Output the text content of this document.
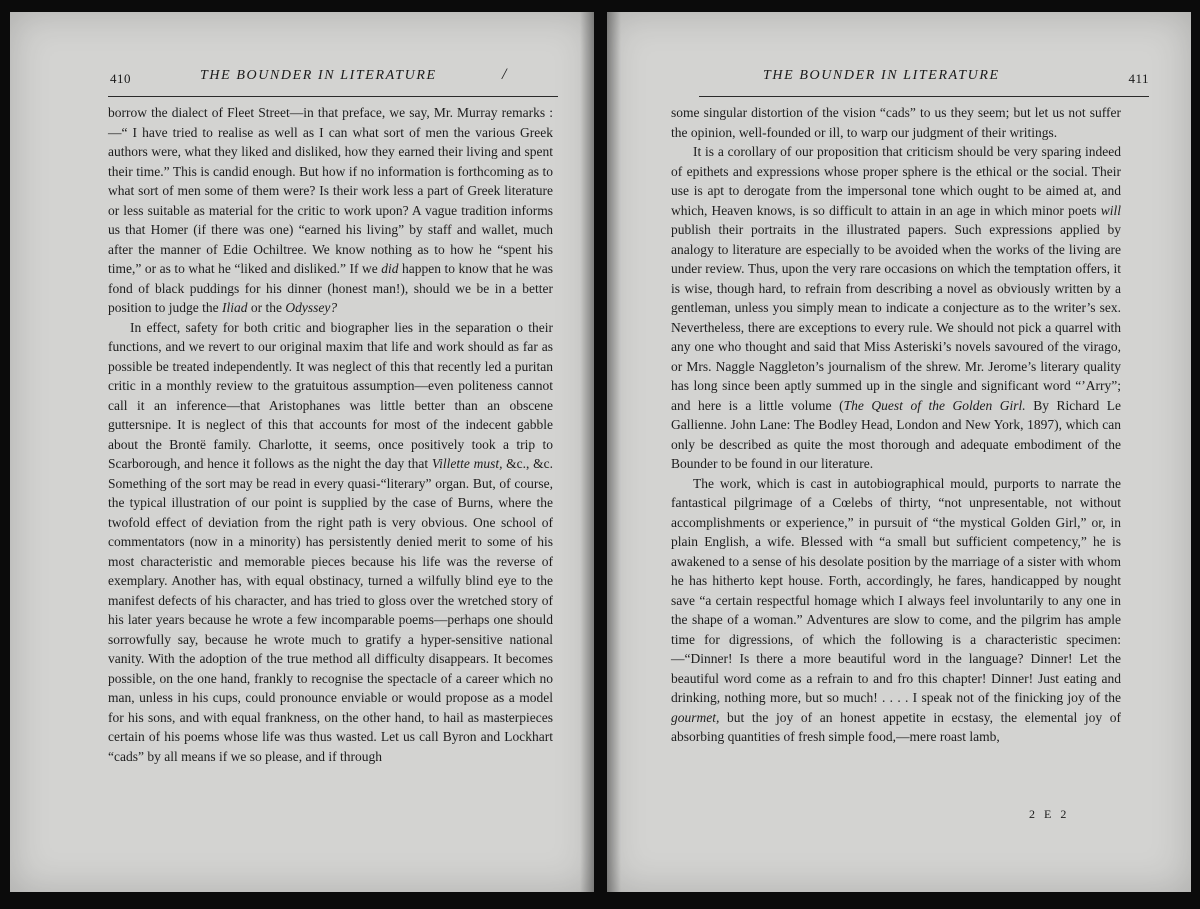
410	THE BOUNDER IN LITERATURE	/

borrow the dialect of Fleet Street—in that preface, we say, Mr. Murray remarks :—“ I have tried to realise as well as I can what sort of men the various Greek authors were, what they liked and disliked, how they earned their living and spent their time.” This is candid enough. But how if no information is forthcoming as to what sort of men some of them were? Is their work less a part of Greek literature or less suitable as material for the critic to work upon? A vague tradition informs us that Homer (if there was one) “earned his living” by staff and wallet, much after the manner of Edie Ochiltree. We know nothing as to how he “spent his time,” or as to what he “liked and disliked.” If we did happen to know that he was fond of black puddings for his dinner (honest man!), should we be in a better position to judge the Iliad or the Odyssey?

In effect, safety for both critic and biographer lies in the separation o their functions, and we revert to our original maxim that life and work should as far as possible be treated independently. It was neglect of this that recently led a puritan critic in a monthly review to the gratuitous assumption—even politeness cannot call it an inference—that Aristophanes was little better than an obscene guttersnipe. It is neglect of this that accounts for most of the indecent gabble about the Brontë family. Charlotte, it seems, once positively took a trip to Scarborough, and hence it follows as the night the day that Villette must, &c., &c. Something of the sort may be read in every quasi-“literary” organ. But, of course, the typical illustration of our point is supplied by the case of Burns, where the twofold effect of deviation from the right path is very obvious. One school of commentators (now in a minority) has persistently denied merit to some of his most characteristic and memorable pieces because his life was the reverse of exemplary. Another has, with equal obstinacy, turned a wilfully blind eye to the manifest defects of his character, and has tried to gloss over the wretched story of his later years because he wrote a few incomparable poems—perhaps one should sorrowfully say, because he wrote much to gratify a hyper-sensitive national vanity. With the adoption of the true method all difficulty disappears. It becomes possible, on the one hand, frankly to recognise the spectacle of a career which no man, unless in his cups, could pronounce enviable or would propose as a model for his sons, and with equal frankness, on the other hand, to hail as masterpieces certain of his poems whose life was thus wasted. Let us call Byron and Lockhart “cads” by all means if we so please, and if through

THE BOUNDER IN LITERATURE	411

some singular distortion of the vision “cads” to us they seem; but let us not suffer the opinion, well-founded or ill, to warp our judgment of their writings.

It is a corollary of our proposition that criticism should be very sparing indeed of epithets and expressions whose proper sphere is the ethical or the social. Their use is apt to derogate from the impersonal tone which ought to be aimed at, and which, Heaven knows, is so difficult to attain in an age in which minor poets will publish their portraits in the illustrated papers. Such expressions applied by analogy to literature are especially to be avoided when the works of the living are under review. Thus, upon the very rare occasions on which the temptation offers, it is wise, though hard, to refrain from describing a novel as obviously written by a gentleman, unless you simply mean to indicate a conjecture as to the writer’s sex. Nevertheless, there are exceptions to every rule. We should not pick a quarrel with any one who thought and said that Miss Asteriski’s novels savoured of the virago, or Mrs. Naggle Naggleton’s journalism of the shrew. Mr. Jerome’s literary quality has long since been aptly summed up in the single and significant word “’Arry”; and here is a little volume (The Quest of the Golden Girl. By Richard Le Gallienne. John Lane: The Bodley Head, London and New York, 1897), which can only be described as quite the most thorough and adequate embodiment of the Bounder to be found in our literature.

The work, which is cast in autobiographical mould, purports to narrate the fantastical pilgrimage of a Cœlebs of thirty, “not unpresentable, not without accomplishments or experience,” in pursuit of “the mystical Golden Girl,” or, in plain English, a wife. Blessed with “a small but sufficient competency,” he is awakened to a sense of his desolate position by the marriage of a sister with whom he has hitherto kept house. Forth, accordingly, he fares, handicapped by nought save “a certain respectful homage which I always feel involuntarily to any one in the shape of a woman.” Adventures are slow to come, and the pilgrim has ample time for digressions, of which the following is a characteristic specimen:—“Dinner! Is there a more beautiful word in the language? Dinner! Let the beautiful word come as a refrain to and fro this chapter! Dinner! Just eating and drinking, nothing more, but so much! . . . . I speak not of the finicking joy of the gourmet, but the joy of an honest appetite in ecstasy, the elemental joy of absorbing quantities of fresh simple food,—mere roast lamb,

2 E 2
